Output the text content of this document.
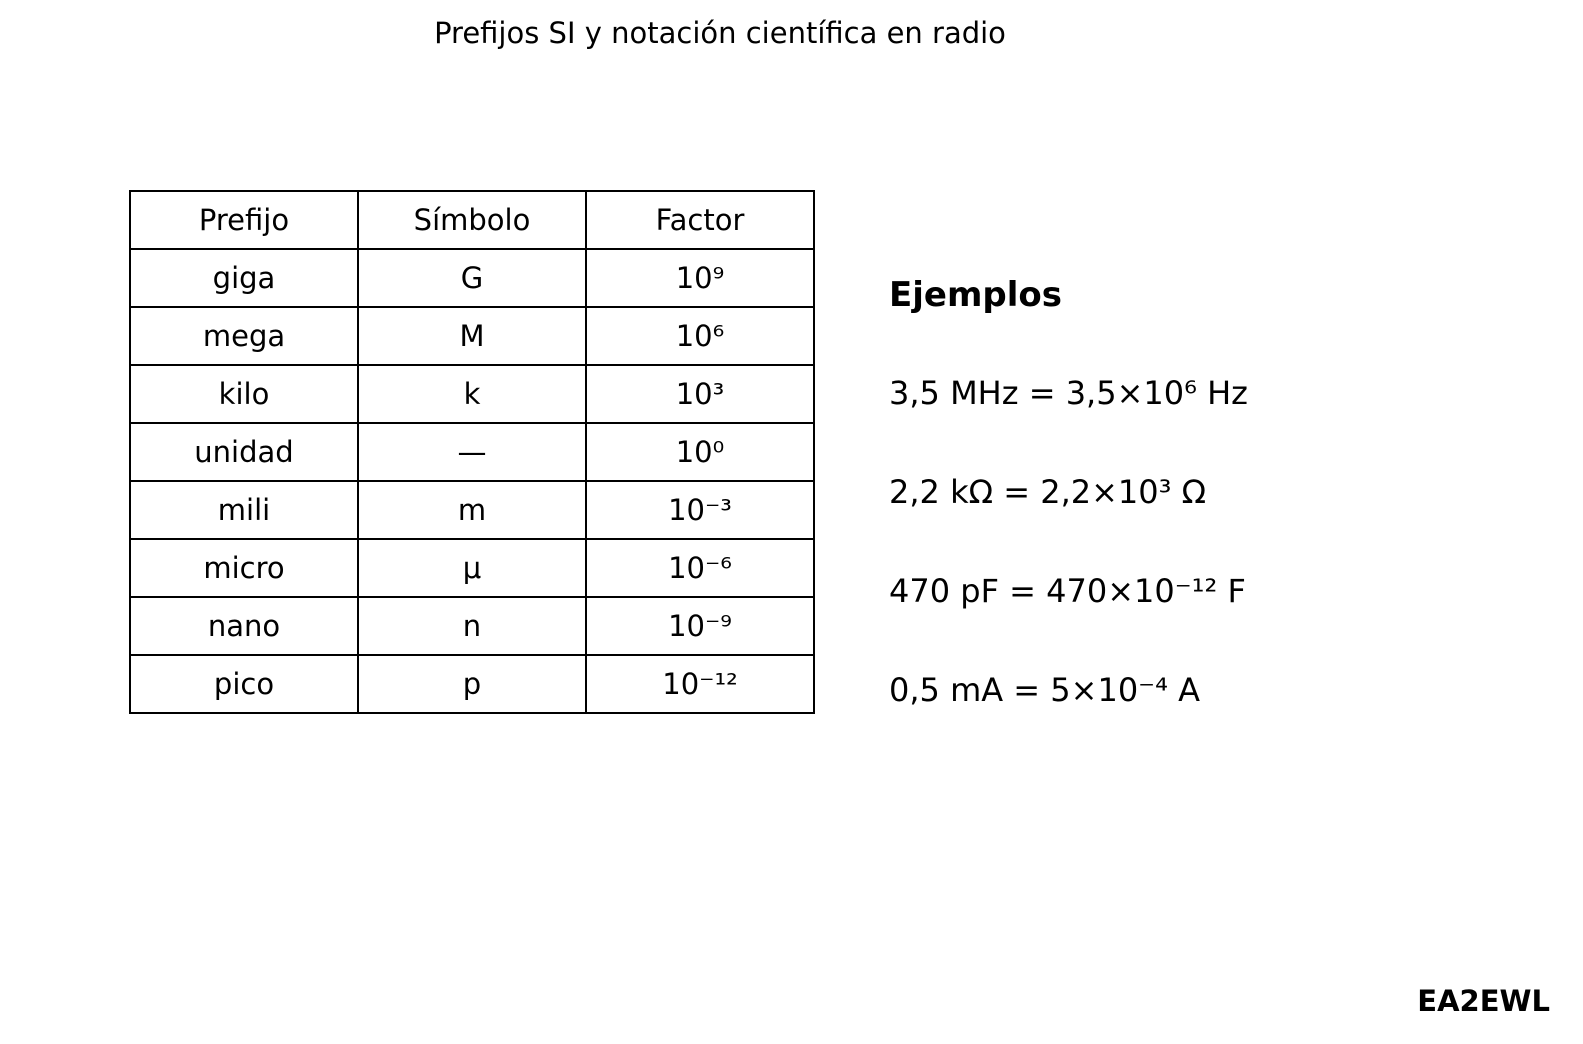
Prefijos SI y notación científica en radio
Prefijo	Símbolo	Factor
giga	G	10⁹
mega	M	10⁶
kilo	k	10³
unidad	—	10⁰
mili	m	10⁻³
micro	μ	10⁻⁶
nano	n	10⁻⁹
pico	p	10⁻¹²
Ejemplos
3,5 MHz = 3,5×10⁶ Hz
2,2 kΩ = 2,2×10³ Ω
470 pF = 470×10⁻¹² F
0,5 mA = 5×10⁻⁴ A
EA2EWL
